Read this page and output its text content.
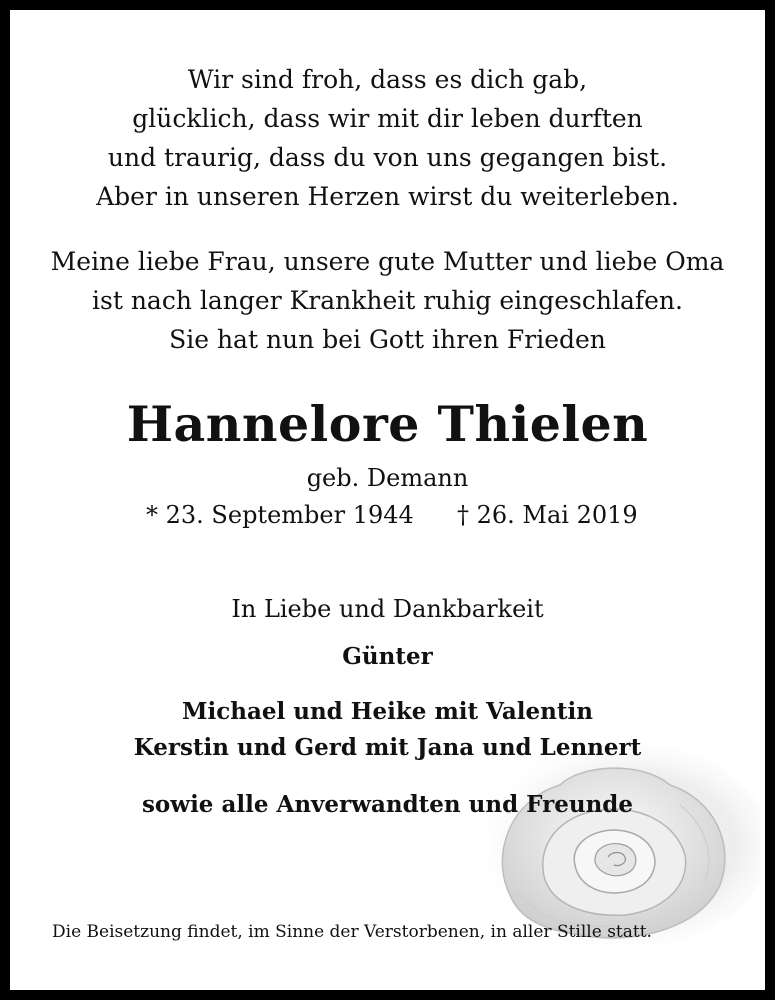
Wir sind froh, dass es dich gab,
glücklich, dass wir mit dir leben durften
und traurig, dass du von uns gegangen bist.
Aber in unseren Herzen wirst du weiterleben.
Meine liebe Frau, unsere gute Mutter und liebe Oma
ist nach langer Krankheit ruhig eingeschlafen.
Sie hat nun bei Gott ihren Frieden
Hannelore Thielen
geb. Demann
* 23. September 1944 † 26. Mai 2019
In Liebe und Dankbarkeit
Günter
Michael und Heike mit Valentin
Kerstin und Gerd mit Jana und Lennert
sowie alle Anverwandten und Freunde
Die Beisetzung findet, im Sinne der Verstorbenen, in aller Stille statt.
